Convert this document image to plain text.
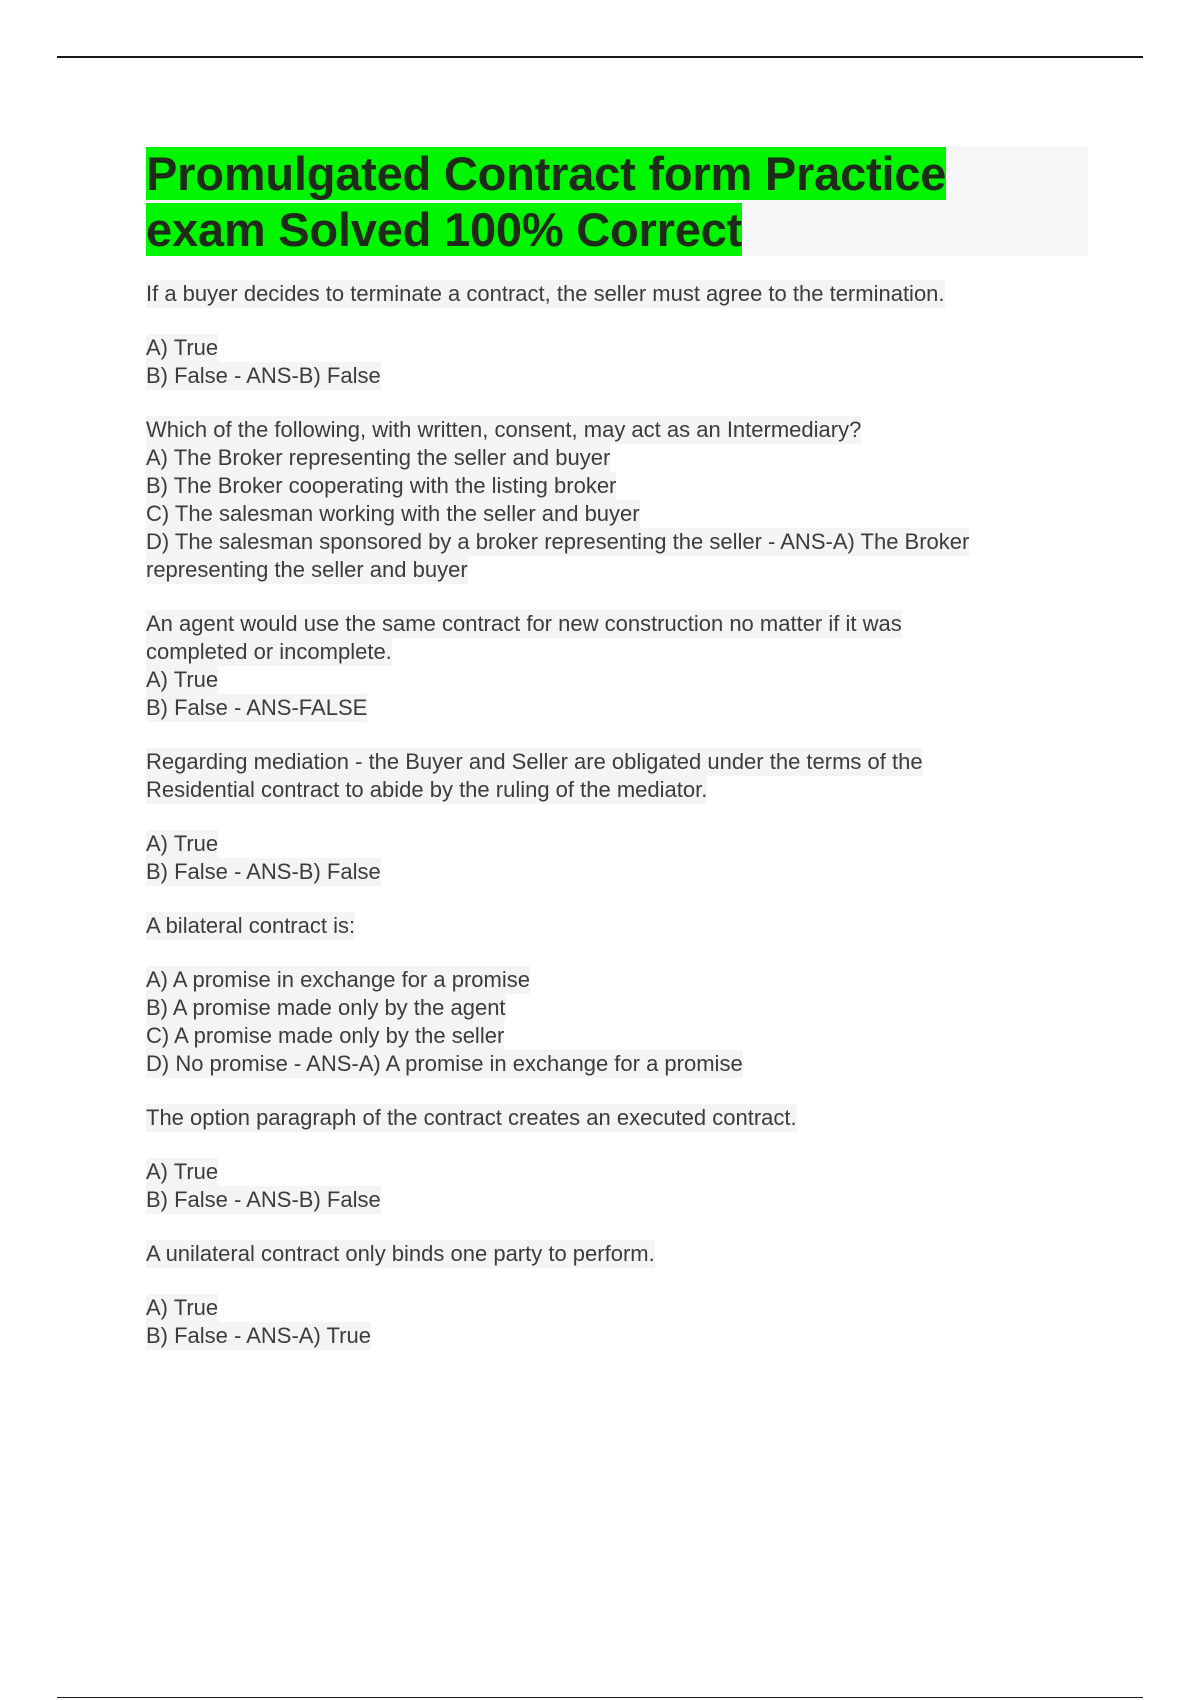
Promulgated Contract form Practice
exam Solved 100% Correct
If a buyer decides to terminate a contract, the seller must agree to the termination.
A) True
B) False - ANS-B) False
Which of the following, with written, consent, may act as an Intermediary?
A) The Broker representing the seller and buyer
B) The Broker cooperating with the listing broker
C) The salesman working with the seller and buyer
D) The salesman sponsored by a broker representing the seller - ANS-A) The Broker
representing the seller and buyer
An agent would use the same contract for new construction no matter if it was
completed or incomplete.
A) True
B) False - ANS-FALSE
Regarding mediation - the Buyer and Seller are obligated under the terms of the
Residential contract to abide by the ruling of the mediator.
A) True
B) False - ANS-B) False
A bilateral contract is:
A) A promise in exchange for a promise
B) A promise made only by the agent
C) A promise made only by the seller
D) No promise - ANS-A) A promise in exchange for a promise
The option paragraph of the contract creates an executed contract.
A) True
B) False - ANS-B) False
A unilateral contract only binds one party to perform.
A) True
B) False - ANS-A) True
